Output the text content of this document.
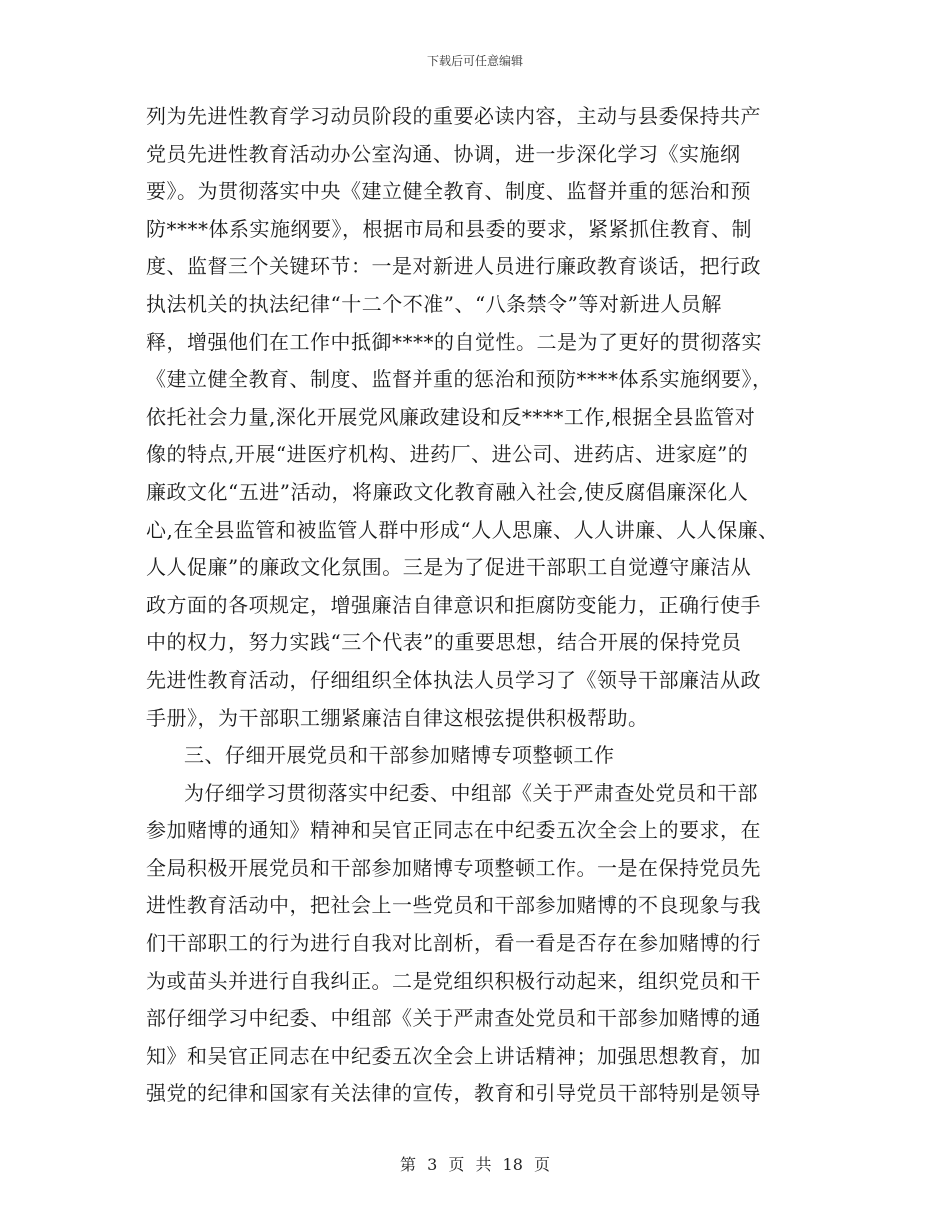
下载后可任意编辑
列为先进性教育学习动员阶段的重要必读内容，主动与县委保持共产
党员先进性教育活动办公室沟通、协调，进一步深化学习《实施纲
要》。为贯彻落实中央《建立健全教育、制度、监督并重的惩治和预
防****体系实施纲要》，根据市局和县委的要求，紧紧抓住教育、制
度、监督三个关键环节：一是对新进人员进行廉政教育谈话，把行政
执法机关的执法纪律“十二个不准”、“八条禁令”等对新进人员解
释，增强他们在工作中抵御****的自觉性。二是为了更好的贯彻落实
《建立健全教育、制度、监督并重的惩治和预防****体系实施纲要》，
依托社会力量,深化开展党风廉政建设和反****工作,根据全县监管对
像的特点,开展“进医疗机构、进药厂、进公司、进药店、进家庭”的
廉政文化“五进”活动，将廉政文化教育融入社会,使反腐倡廉深化人
心,在全县监管和被监管人群中形成“人人思廉、人人讲廉、人人保廉、
人人促廉”的廉政文化氛围。三是为了促进干部职工自觉遵守廉洁从
政方面的各项规定，增强廉洁自律意识和拒腐防变能力，正确行使手
中的权力，努力实践“三个代表”的重要思想，结合开展的保持党员
先进性教育活动，仔细组织全体执法人员学习了《领导干部廉洁从政
手册》，为干部职工绷紧廉洁自律这根弦提供积极帮助。
三、仔细开展党员和干部参加赌博专项整顿工作
为仔细学习贯彻落实中纪委、中组部《关于严肃查处党员和干部
参加赌博的通知》精神和吴官正同志在中纪委五次全会上的要求，在
全局积极开展党员和干部参加赌博专项整顿工作。一是在保持党员先
进性教育活动中，把社会上一些党员和干部参加赌博的不良现象与我
们干部职工的行为进行自我对比剖析，看一看是否存在参加赌博的行
为或苗头并进行自我纠正。二是党组织积极行动起来，组织党员和干
部仔细学习中纪委、中组部《关于严肃查处党员和干部参加赌博的通
知》和吴官正同志在中纪委五次全会上讲话精神；加强思想教育，加
强党的纪律和国家有关法律的宣传，教育和引导党员干部特别是领导
第 3 页 共 18 页
